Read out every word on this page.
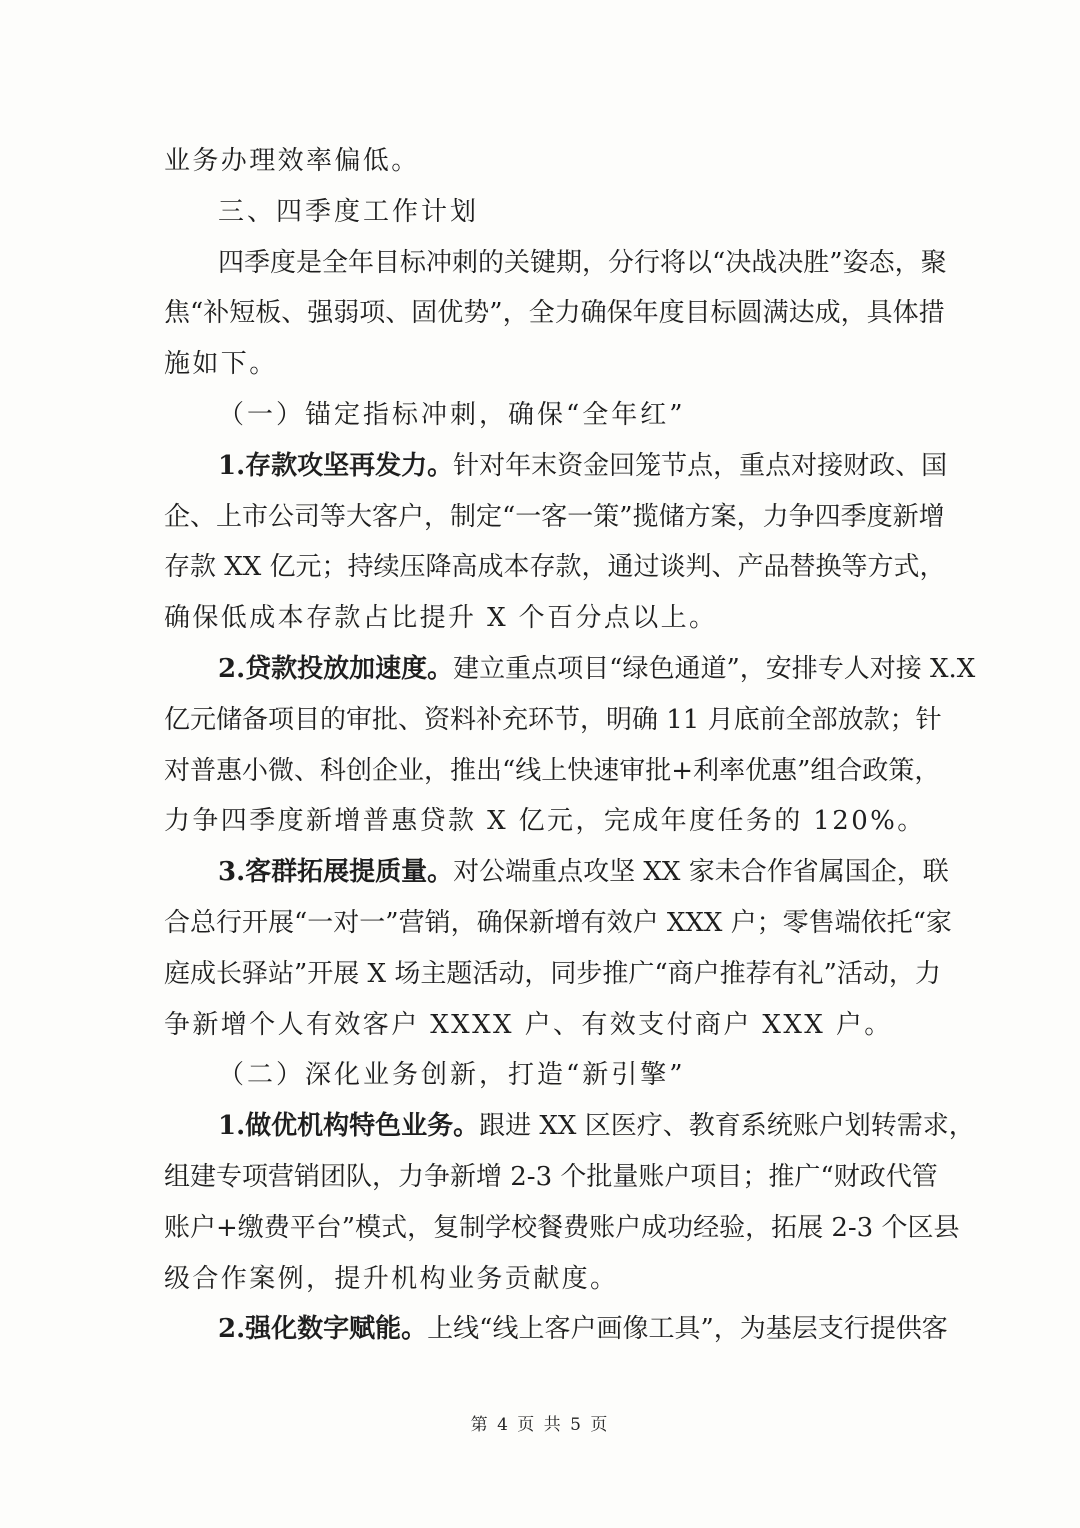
业务办理效率偏低。
三、四季度工作计划
四季度是全年目标冲刺的关键期，分行将以“决战决胜”姿态，聚
焦“补短板、强弱项、固优势”，全力确保年度目标圆满达成，具体措
施如下。
（一）锚定指标冲刺，确保“全年红”
1.存款攻坚再发力。针对年末资金回笼节点，重点对接财政、国
企、上市公司等大客户，制定“一客一策”揽储方案，力争四季度新增
存款 XX 亿元；持续压降高成本存款，通过谈判、产品替换等方式，
确保低成本存款占比提升 X 个百分点以上。
2.贷款投放加速度。建立重点项目“绿色通道”，安排专人对接 X.X
亿元储备项目的审批、资料补充环节，明确 11 月底前全部放款；针
对普惠小微、科创企业，推出“线上快速审批+利率优惠”组合政策，
力争四季度新增普惠贷款 X 亿元，完成年度任务的 120%。
3.客群拓展提质量。对公端重点攻坚 XX 家未合作省属国企，联
合总行开展“一对一”营销，确保新增有效户 XXX 户；零售端依托“家
庭成长驿站”开展 X 场主题活动，同步推广“商户推荐有礼”活动，力
争新增个人有效客户 XXXX 户、有效支付商户 XXX 户。
（二）深化业务创新，打造“新引擎”
1.做优机构特色业务。跟进 XX 区医疗、教育系统账户划转需求，
组建专项营销团队，力争新增 2-3 个批量账户项目；推广“财政代管
账户+缴费平台”模式，复制学校餐费账户成功经验，拓展 2-3 个区县
级合作案例，提升机构业务贡献度。
2.强化数字赋能。上线“线上客户画像工具”，为基层支行提供客
第 4 页 共 5 页
